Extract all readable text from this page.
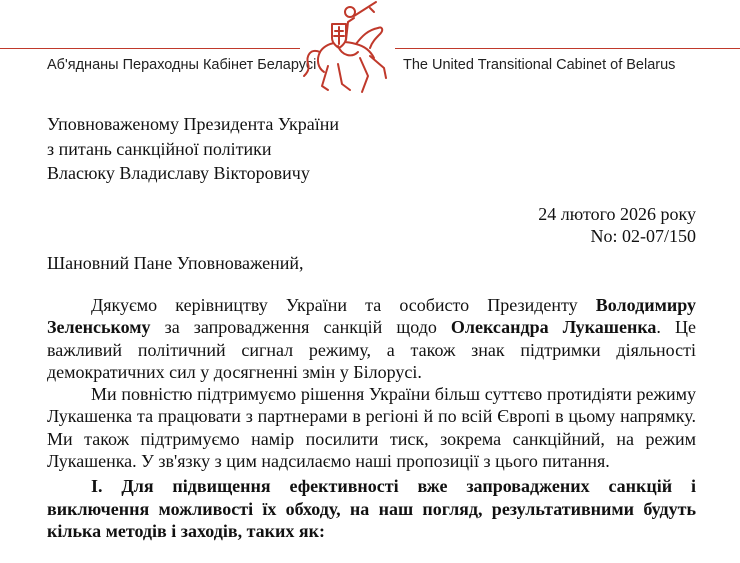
Аб'яднаны Пераходны Кабінет Беларусі	The United Transitional Cabinet of Belarus
Уповноваженому Президента України
з питань санкційної політики
Власюку Владиславу Вікторовичу
24 лютого 2026 року
No: 02-07/150
Шановний Пане Уповноважений,

Дякуємо керівництву України та особисто Президенту Володимиру Зеленському за запровадження санкцій щодо Олександра Лукашенка. Це важливий політичний сигнал режиму, а також знак підтримки діяльності демократичних сил у досягненні змін у Білорусі.

Ми повністю підтримуємо рішення України більш суттєво протидіяти режиму Лукашенка та працювати з партнерами в регіоні й по всій Європі в цьому напрямку. Ми також підтримуємо намір посилити тиск, зокрема санкційний, на режим Лукашенка. У зв'язку з цим надсилаємо наші пропозиції з цього питання.

I. Для підвищення ефективності вже запроваджених санкцій і виключення можливості їх обходу, на наш погляд, результативними будуть кілька методів і заходів, таких як:
